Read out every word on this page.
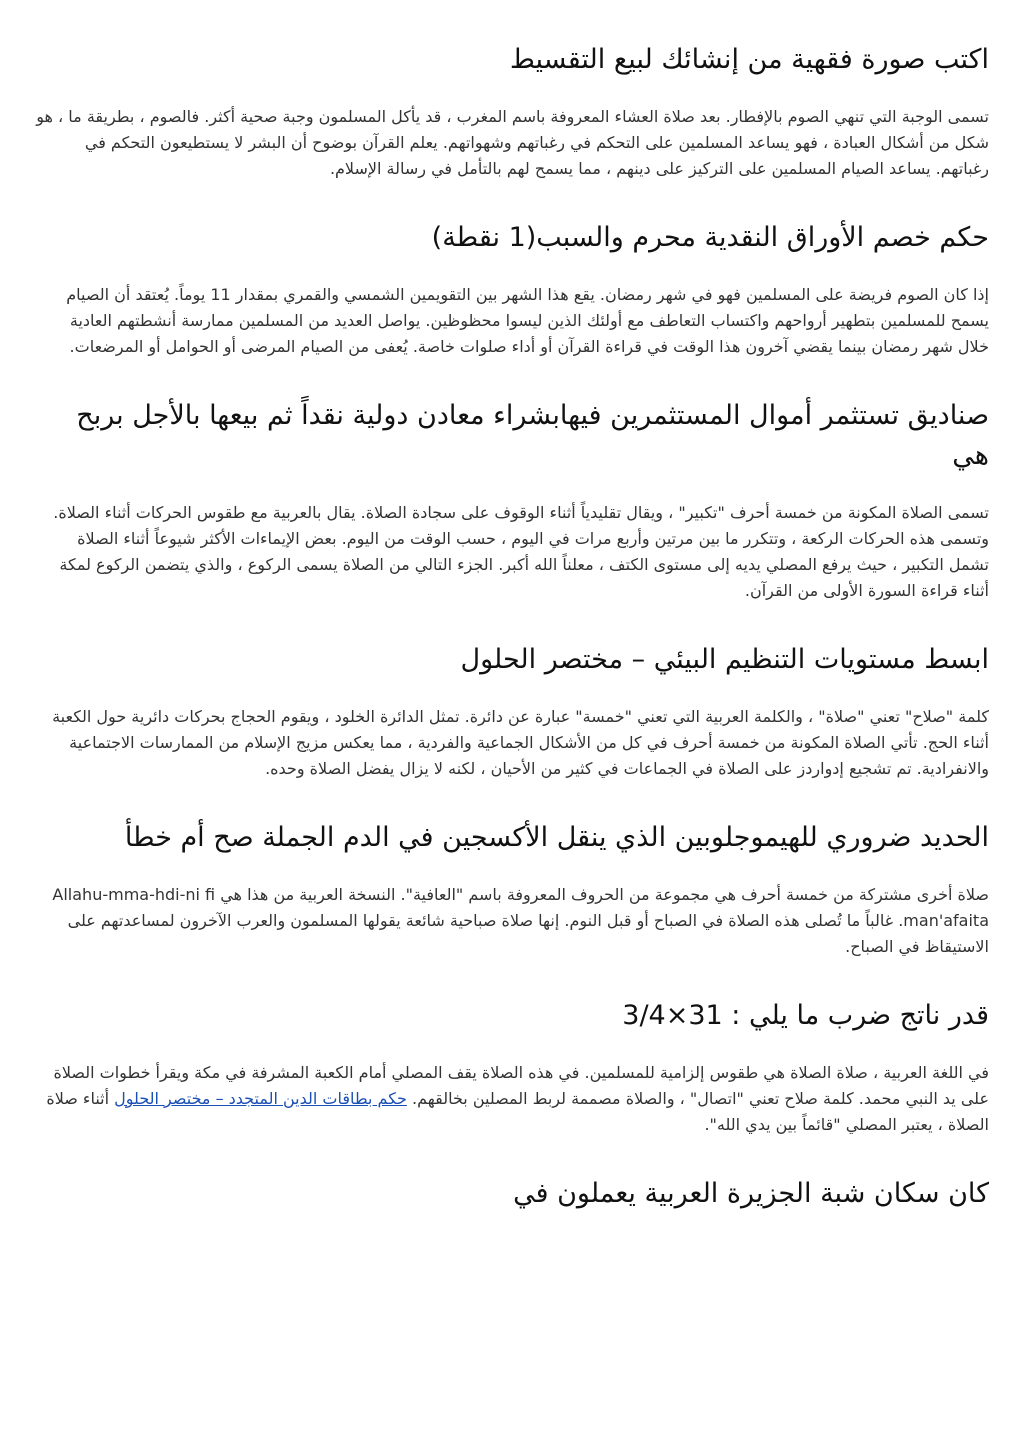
اكتب صورة فقهية من إنشائك لبيع التقسيط

تسمى الوجبة التي تنهي الصوم بالإفطار. بعد صلاة العشاء المعروفة باسم المغرب ، قد يأكل المسلمون وجبة صحية أكثر. فالصوم ، بطريقة ما ، هو شكل من أشكال العبادة ، فهو يساعد المسلمين على التحكم في رغباتهم وشهواتهم. يعلم القرآن بوضوح أن البشر لا يستطيعون التحكم في رغباتهم. يساعد الصيام المسلمين على التركيز على دينهم ، مما يسمح لهم بالتأمل في رسالة الإسلام.

حكم خصم الأوراق النقدية محرم والسبب(1 نقطة)

إذا كان الصوم فريضة على المسلمين فهو في شهر رمضان. يقع هذا الشهر بين التقويمين الشمسي والقمري بمقدار 11 يوماً. يُعتقد أن الصيام يسمح للمسلمين بتطهير أرواحهم واكتساب التعاطف مع أولئك الذين ليسوا محظوظين. يواصل العديد من المسلمين ممارسة أنشطتهم العادية خلال شهر رمضان بينما يقضي آخرون هذا الوقت في قراءة القرآن أو أداء صلوات خاصة. يُعفى من الصيام المرضى أو الحوامل أو المرضعات.

صناديق تستثمر أموال المستثمرين فيهابشراء معادن دولية نقداً ثم بيعها بالأجل بربح هي

تسمى الصلاة المكونة من خمسة أحرف "تكبير" ، ويقال تقليدياً أثناء الوقوف على سجادة الصلاة. يقال بالعربية مع طقوس الحركات أثناء الصلاة. وتسمى هذه الحركات الركعة ، وتتكرر ما بين مرتين وأربع مرات في اليوم ، حسب الوقت من اليوم. بعض الإيماءات الأكثر شيوعاً أثناء الصلاة تشمل التكبير ، حيث يرفع المصلي يديه إلى مستوى الكتف ، معلناً الله أكبر. الجزء التالي من الصلاة يسمى الركوع ، والذي يتضمن الركوع لمكة أثناء قراءة السورة الأولى من القرآن.

ابسط مستويات التنظيم البيئي – مختصر الحلول

كلمة "صلاح" تعني "صلاة" ، والكلمة العربية التي تعني "خمسة" عبارة عن دائرة. تمثل الدائرة الخلود ، ويقوم الحجاج بحركات دائرية حول الكعبة أثناء الحج. تأتي الصلاة المكونة من خمسة أحرف في كل من الأشكال الجماعية والفردية ، مما يعكس مزيج الإسلام من الممارسات الاجتماعية والانفرادية. تم تشجيع إدواردز على الصلاة في الجماعات في كثير من الأحيان ، لكنه لا يزال يفضل الصلاة وحده.

الحديد ضروري للهيموجلوبين الذي ينقل الأكسجين في الدم الجملة صح أم خطأ

صلاة أخرى مشتركة من خمسة أحرف هي مجموعة من الحروف المعروفة باسم "العافية". النسخة العربية من هذا هي Allahu-mma-hdi-ni fi man'afaita. غالباً ما تُصلى هذه الصلاة في الصباح أو قبل النوم. إنها صلاة صباحية شائعة يقولها المسلمون والعرب الآخرون لمساعدتهم على الاستيقاظ في الصباح.

قدر ناتج ضرب ما يلي : 31×3/4

في اللغة العربية ، صلاة الصلاة هي طقوس إلزامية للمسلمين. في هذه الصلاة يقف المصلي أمام الكعبة المشرفة في مكة ويقرأ خطوات الصلاة على يد النبي محمد. كلمة صلاح تعني "اتصال" ، والصلاة مصممة لربط المصلين بخالقهم. حكم بطاقات الدين المتجدد – مختصر الحلول أثناء صلاة الصلاة ، يعتبر المصلي "قائماً بين يدي الله".

كان سكان شبة الجزيرة العربية يعملون في
